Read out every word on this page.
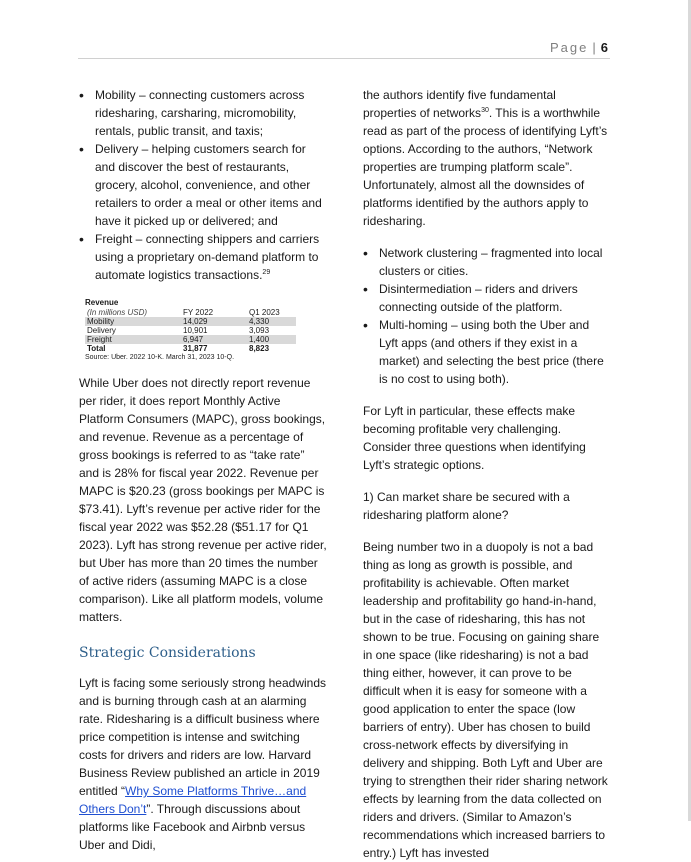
Page | 6
• Mobility – connecting customers across ridesharing, carsharing, micromobility, rentals, public transit, and taxis;
• Delivery – helping customers search for and discover the best of restaurants, grocery, alcohol, convenience, and other retailers to order a meal or other items and have it picked up or delivered; and
• Freight – connecting shippers and carriers using a proprietary on-demand platform to automate logistics transactions.$^{29}$
Revenue
(In millions USD)	FY 2022	Q1 2023
Mobility	14,029	4,330
Delivery	10,901	3,093
Freight	6,947	1,400
Total	31,877	8,823
Source: Uber. 2022 10-K. March 31, 2023 10-Q.

While Uber does not directly report revenue per rider, it does report Monthly Active Platform Consumers (MAPC), gross bookings, and revenue. Revenue as a percentage of gross bookings is referred to as “take rate” and is 28% for fiscal year 2022. Revenue per MAPC is $20.23 (gross bookings per MAPC is $73.41). Lyft’s revenue per active rider for the fiscal year 2022 was $52.28 ($51.17 for Q1 2023). Lyft has strong revenue per active rider, but Uber has more than 20 times the number of active riders (assuming MAPC is a close comparison). Like all platform models, volume matters.

Strategic Considerations

Lyft is facing some seriously strong headwinds and is burning through cash at an alarming rate. Ridesharing is a difficult business where price competition is intense and switching costs for drivers and riders are low. Harvard Business Review published an article in 2019 entitled “Why Some Platforms Thrive…and Others Don’t”. Through discussions about platforms like Facebook and Airbnb versus Uber and Didi,

the authors identify five fundamental properties of networks$^{30}$. This is a worthwhile read as part of the process of identifying Lyft’s options. According to the authors, “Network properties are trumping platform scale”. Unfortunately, almost all the downsides of platforms identified by the authors apply to ridesharing.

• Network clustering – fragmented into local clusters or cities.
• Disintermediation – riders and drivers connecting outside of the platform.
• Multi-homing – using both the Uber and Lyft apps (and others if they exist in a market) and selecting the best price (there is no cost to using both).

For Lyft in particular, these effects make becoming profitable very challenging. Consider three questions when identifying Lyft’s strategic options.

1) Can market share be secured with a ridesharing platform alone?

Being number two in a duopoly is not a bad thing as long as growth is possible, and profitability is achievable. Often market leadership and profitability go hand-in-hand, but in the case of ridesharing, this has not shown to be true. Focusing on gaining share in one space (like ridesharing) is not a bad thing either, however, it can prove to be difficult when it is easy for someone with a good application to enter the space (low barriers of entry). Uber has chosen to build cross-network effects by diversifying in delivery and shipping. Both Lyft and Uber are trying to strengthen their rider sharing network effects by learning from the data collected on riders and drivers. (Similar to Amazon’s recommendations which increased barriers to entry.) Lyft has invested
